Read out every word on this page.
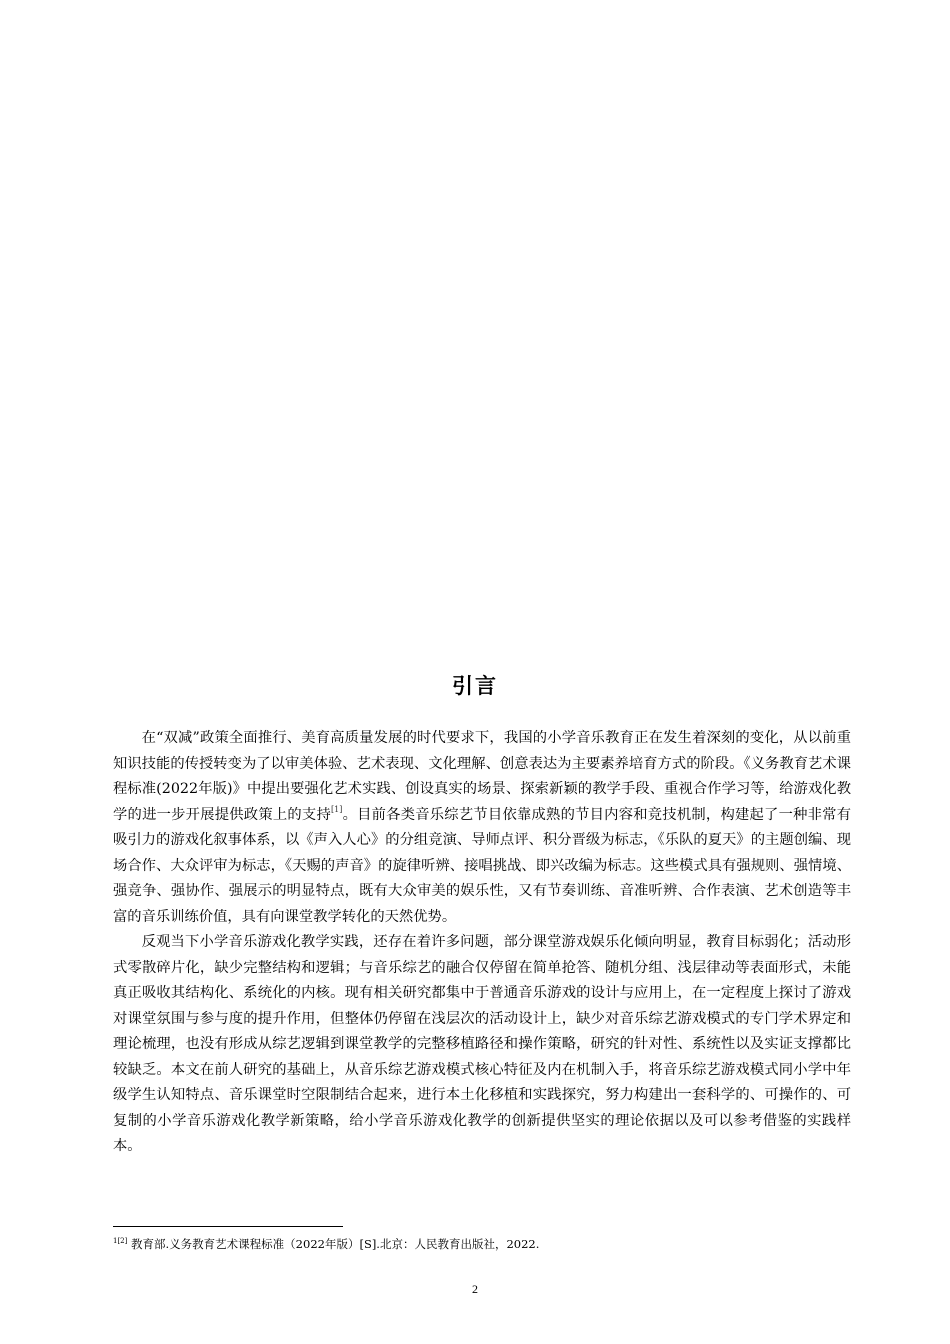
引言

在“双减”政策全面推行、美育高质量发展的时代要求下，我国的小学音乐教育正在发生着深刻的变化，从以前重知识技能的传授转变为了以审美体验、艺术表现、文化理解、创意表达为主要素养培育方式的阶段。《义务教育艺术课程标准(2022年版)》中提出要强化艺术实践、创设真实的场景、探索新颖的教学手段、重视合作学习等，给游戏化教学的进一步开展提供政策上的支持[1]。目前各类音乐综艺节目依靠成熟的节目内容和竞技机制，构建起了一种非常有吸引力的游戏化叙事体系，以《声入人心》的分组竞演、导师点评、积分晋级为标志，《乐队的夏天》的主题创编、现场合作、大众评审为标志，《天赐的声音》的旋律听辨、接唱挑战、即兴改编为标志。这些模式具有强规则、强情境、强竞争、强协作、强展示的明显特点，既有大众审美的娱乐性，又有节奏训练、音准听辨、合作表演、艺术创造等丰富的音乐训练价值，具有向课堂教学转化的天然优势。

反观当下小学音乐游戏化教学实践，还存在着许多问题，部分课堂游戏娱乐化倾向明显，教育目标弱化；活动形式零散碎片化，缺少完整结构和逻辑；与音乐综艺的融合仅停留在简单抢答、随机分组、浅层律动等表面形式，未能真正吸收其结构化、系统化的内核。现有相关研究都集中于普通音乐游戏的设计与应用上，在一定程度上探讨了游戏对课堂氛围与参与度的提升作用，但整体仍停留在浅层次的活动设计上，缺少对音乐综艺游戏模式的专门学术界定和理论梳理，也没有形成从综艺逻辑到课堂教学的完整移植路径和操作策略，研究的针对性、系统性以及实证支撑都比较缺乏。本文在前人研究的基础上，从音乐综艺游戏模式核心特征及内在机制入手，将音乐综艺游戏模式同小学中年级学生认知特点、音乐课堂时空限制结合起来，进行本土化移植和实践探究，努力构建出一套科学的、可操作的、可复制的小学音乐游戏化教学新策略，给小学音乐游戏化教学的创新提供坚实的理论依据以及可以参考借鉴的实践样本。

$^{1[2]}$ 教育部.义务教育艺术课程标准（2022年版）[S].北京：人民教育出版社，2022.
2
